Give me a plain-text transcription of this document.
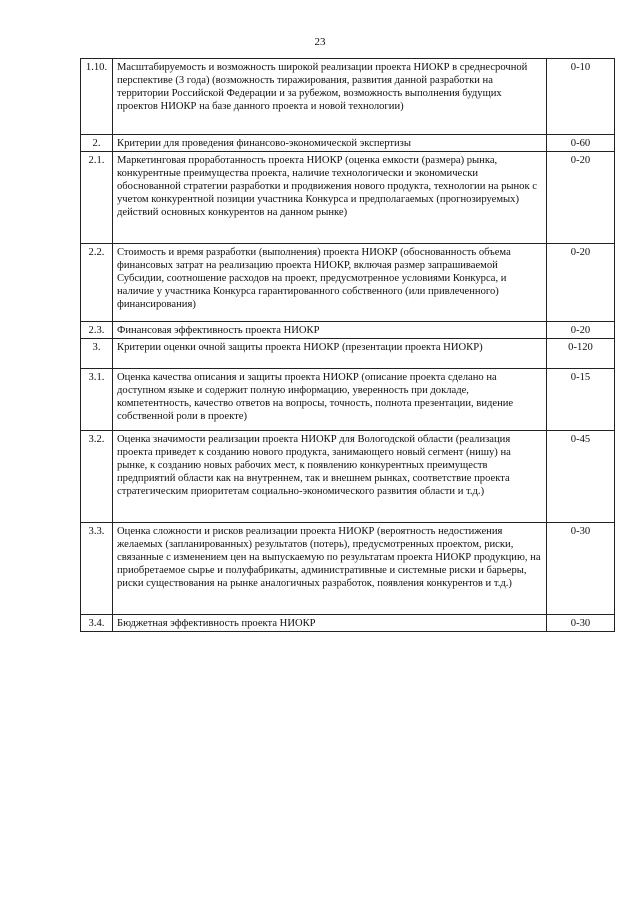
23
1.10.	Масштабируемость и возможность широкой реализации проекта НИОКР в среднесрочной перспективе (3 года) (возможность тиражирования, развития данной разработки на территории Российской Федерации и за рубежом, возможность выполнения будущих проектов НИОКР на базе данного проекта и новой технологии)	0-10
2.	Критерии для проведения финансово-экономической экспертизы	0-60
2.1.	Маркетинговая проработанность проекта НИОКР (оценка емкости (размера) рынка, конкурентные преимущества проекта, наличие технологически и экономически обоснованной стратегии разработки и продвижения нового продукта, технологии на рынок с учетом конкурентной позиции участника Конкурса и предполагаемых (прогнозируемых) действий основных конкурентов на данном рынке)	0-20
2.2.	Стоимость и время разработки (выполнения) проекта НИОКР (обоснованность объема финансовых затрат на реализацию проекта НИОКР, включая размер запрашиваемой Субсидии, соотношение расходов на проект, предусмотренное условиями Конкурса, и наличие у участника Конкурса гарантированного собственного (или привлеченного) финансирования)	0-20
2.3.	Финансовая эффективность проекта НИОКР	0-20
3.	Критерии оценки очной защиты проекта НИОКР (презентации проекта НИОКР)	0-120
3.1.	Оценка качества описания и защиты проекта НИОКР (описание проекта сделано на доступном языке и содержит полную информацию, уверенность при докладе, компетентность, качество ответов на вопросы, точность, полнота презентации, видение собственной роли в проекте)	0-15
3.2.	Оценка значимости реализации проекта НИОКР для Вологодской области (реализация проекта приведет к созданию нового продукта, занимающего новый сегмент (нишу) на рынке, к созданию новых рабочих мест, к появлению конкурентных преимуществ предприятий области как на внутреннем, так и внешнем рынках, соответствие проекта стратегическим приоритетам социально-экономического развития области и т.д.)	0-45
3.3.	Оценка сложности и рисков реализации проекта НИОКР (вероятность недостижения желаемых (запланированных) результатов (потерь), предусмотренных проектом, риски, связанные с изменением цен на выпускаемую по результатам проекта НИОКР продукцию, на приобретаемое сырье и полуфабрикаты, административные и системные риски и барьеры, риски существования на рынке аналогичных разработок, появления конкурентов и т.д.)	0-30
3.4.	Бюджетная эффективность проекта НИОКР	0-30
